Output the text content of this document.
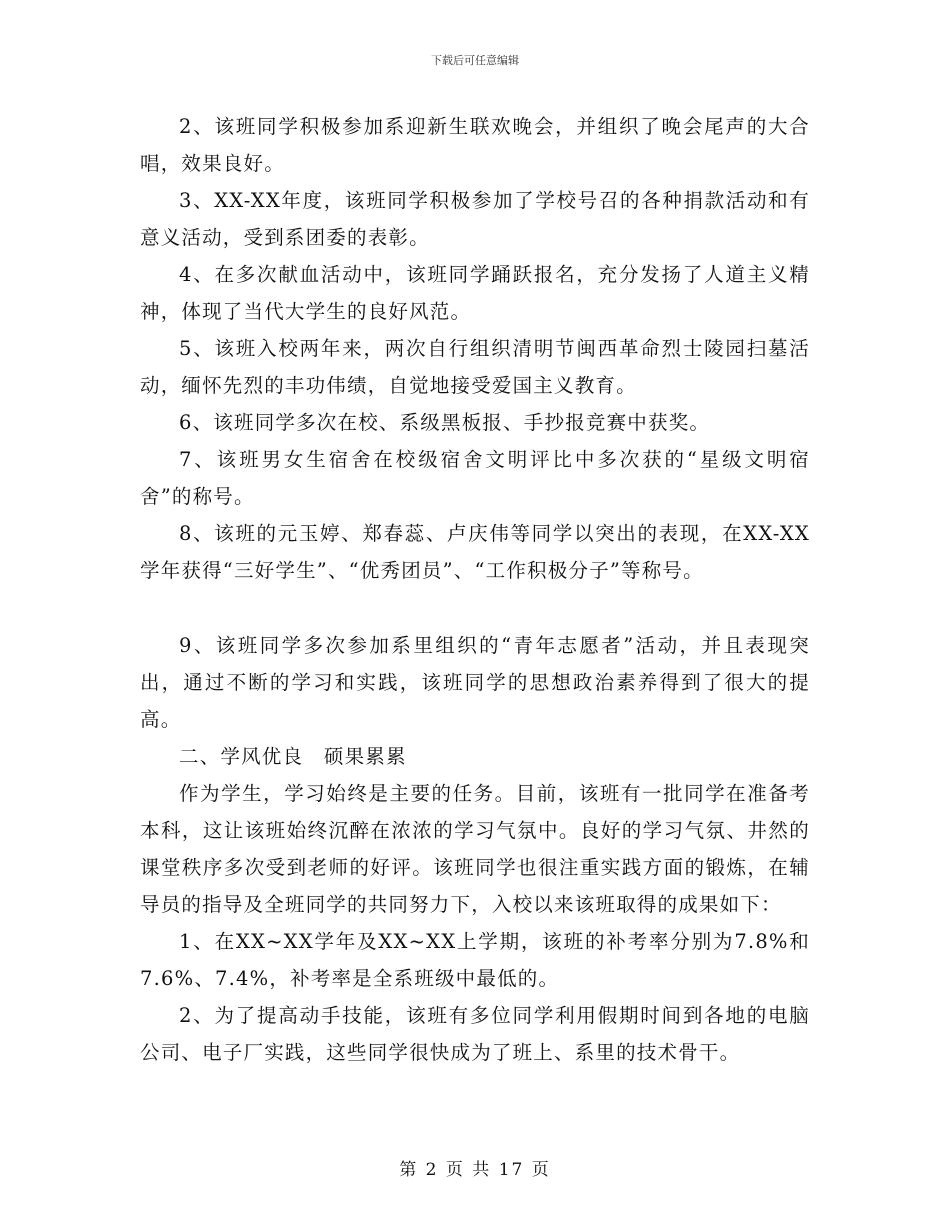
下载后可任意编辑

2、该班同学积极参加系迎新生联欢晚会，并组织了晚会尾声的大合唱，效果良好。

3、XX-XX年度，该班同学积极参加了学校号召的各种捐款活动和有意义活动，受到系团委的表彰。

4、在多次献血活动中，该班同学踊跃报名，充分发扬了人道主义精神，体现了当代大学生的良好风范。

5、该班入校两年来，两次自行组织清明节闽西革命烈士陵园扫墓活动，缅怀先烈的丰功伟绩，自觉地接受爱国主义教育。

6、该班同学多次在校、系级黑板报、手抄报竞赛中获奖。

7、该班男女生宿舍在校级宿舍文明评比中多次获的“星级文明宿舍”的称号。

8、该班的元玉婷、郑春蕊、卢庆伟等同学以突出的表现，在XX-XX学年获得“三好学生”、“优秀团员”、“工作积极分子”等称号。

9、该班同学多次参加系里组织的“青年志愿者”活动，并且表现突出，通过不断的学习和实践，该班同学的思想政治素养得到了很大的提高。

二、学风优良　硕果累累

作为学生，学习始终是主要的任务。目前，该班有一批同学在准备考本科，这让该班始终沉醉在浓浓的学习气氛中。良好的学习气氛、井然的课堂秩序多次受到老师的好评。该班同学也很注重实践方面的锻炼，在辅导员的指导及全班同学的共同努力下，入校以来该班取得的成果如下：

1、在XX~XX学年及XX~XX上学期，该班的补考率分别为7.8%和7.6%、7.4%，补考率是全系班级中最低的。

2、为了提高动手技能，该班有多位同学利用假期时间到各地的电脑公司、电子厂实践，这些同学很快成为了班上、系里的技术骨干。

第 2 页 共 17 页
